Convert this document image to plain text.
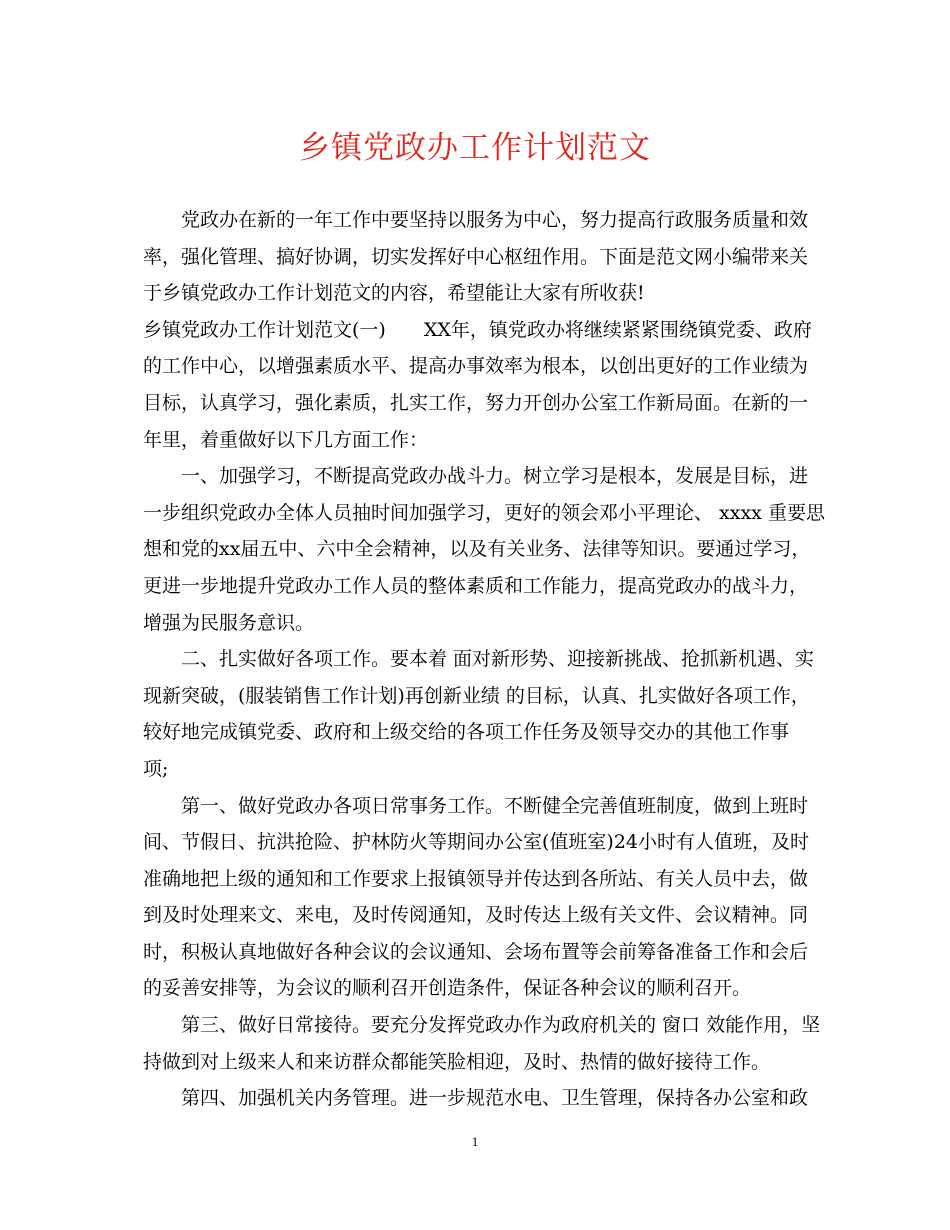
乡镇党政办工作计划范文
党政办在新的一年工作中要坚持以服务为中心，努力提高行政服务质量和效
率，强化管理、搞好协调，切实发挥好中心枢纽作用。下面是范文网小编带来关
于乡镇党政办工作计划范文的内容，希望能让大家有所收获!
乡镇党政办工作计划范文(一)　　XX年，镇党政办将继续紧紧围绕镇党委、政府
的工作中心，以增强素质水平、提高办事效率为根本，以创出更好的工作业绩为
目标，认真学习，强化素质，扎实工作，努力开创办公室工作新局面。在新的一
年里，着重做好以下几方面工作：
一、加强学习，不断提高党政办战斗力。树立学习是根本，发展是目标，进
一步组织党政办全体人员抽时间加强学习，更好的领会邓小平理论、 xxxx 重要思
想和党的xx届五中、六中全会精神，以及有关业务、法律等知识。要通过学习，
更进一步地提升党政办工作人员的整体素质和工作能力，提高党政办的战斗力，
增强为民服务意识。
二、扎实做好各项工作。要本着 面对新形势、迎接新挑战、抢抓新机遇、实
现新突破，(服装销售工作计划)再创新业绩 的目标，认真、扎实做好各项工作，
较好地完成镇党委、政府和上级交给的各项工作任务及领导交办的其他工作事
项;
第一、做好党政办各项日常事务工作。不断健全完善值班制度，做到上班时
间、节假日、抗洪抢险、护林防火等期间办公室(值班室)24小时有人值班，及时
准确地把上级的通知和工作要求上报镇领导并传达到各所站、有关人员中去，做
到及时处理来文、来电，及时传阅通知，及时传达上级有关文件、会议精神。同
时，积极认真地做好各种会议的会议通知、会场布置等会前筹备准备工作和会后
的妥善安排等，为会议的顺利召开创造条件，保证各种会议的顺利召开。
第三、做好日常接待。要充分发挥党政办作为政府机关的 窗口 效能作用，坚
持做到对上级来人和来访群众都能笑脸相迎，及时、热情的做好接待工作。
第四、加强机关内务管理。进一步规范水电、卫生管理，保持各办公室和政
1
